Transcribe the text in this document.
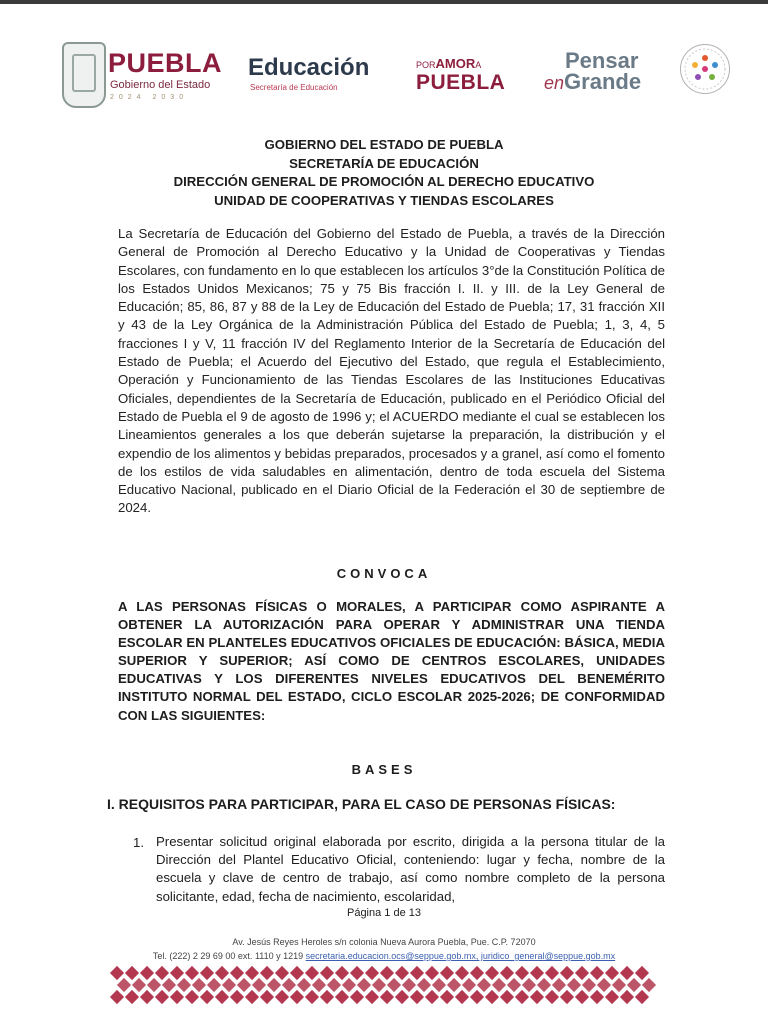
PUEBLA
Gobierno del Estado
2024 2030
Educación
Secretaría de Educación
PORAMORA
PUEBLA
Pensar
enGrande
GOBIERNO DEL ESTADO DE PUEBLA
SECRETARÍA DE EDUCACIÓN
DIRECCIÓN GENERAL DE PROMOCIÓN AL DERECHO EDUCATIVO
UNIDAD DE COOPERATIVAS Y TIENDAS ESCOLARES

La Secretaría de Educación del Gobierno del Estado de Puebla, a través de la Dirección General de Promoción al Derecho Educativo y la Unidad de Cooperativas y Tiendas Escolares, con fundamento en lo que establecen los artículos 3°de la Constitución Política de los Estados Unidos Mexicanos; 75 y 75 Bis fracción I. II. y III. de la Ley General de Educación; 85, 86, 87 y 88 de la Ley de Educación del Estado de Puebla; 17, 31 fracción XII y 43 de la Ley Orgánica de la Administración Pública del Estado de Puebla; 1, 3, 4, 5 fracciones I y V, 11 fracción IV del Reglamento Interior de la Secretaría de Educación del Estado de Puebla; el Acuerdo del Ejecutivo del Estado, que regula el Establecimiento, Operación y Funcionamiento de las Tiendas Escolares de las Instituciones Educativas Oficiales, dependientes de la Secretaría de Educación, publicado en el Periódico Oficial del Estado de Puebla el 9 de agosto de 1996 y; el ACUERDO mediante el cual se establecen los Lineamientos generales a los que deberán sujetarse la preparación, la distribución y el expendio de los alimentos y bebidas preparados, procesados y a granel, así como el fomento de los estilos de vida saludables en alimentación, dentro de toda escuela del Sistema Educativo Nacional, publicado en el Diario Oficial de la Federación el 30 de septiembre de 2024.

CONVOCA

A LAS PERSONAS FÍSICAS O MORALES, A PARTICIPAR COMO ASPIRANTE A OBTENER LA AUTORIZACIÓN PARA OPERAR Y ADMINISTRAR UNA TIENDA ESCOLAR EN PLANTELES EDUCATIVOS OFICIALES DE EDUCACIÓN: BÁSICA, MEDIA SUPERIOR Y SUPERIOR; ASÍ COMO DE CENTROS ESCOLARES, UNIDADES EDUCATIVAS Y LOS DIFERENTES NIVELES EDUCATIVOS DEL BENEMÉRITO INSTITUTO NORMAL DEL ESTADO, CICLO ESCOLAR 2025-2026; DE CONFORMIDAD CON LAS SIGUIENTES:

BASES
I. REQUISITOS PARA PARTICIPAR, PARA EL CASO DE PERSONAS FÍSICAS:
1. Presentar solicitud original elaborada por escrito, dirigida a la persona titular de la Dirección del Plantel Educativo Oficial, conteniendo: lugar y fecha, nombre de la escuela y clave de centro de trabajo, así como nombre completo de la persona solicitante, edad, fecha de nacimiento, escolaridad,

Página 1 de 13
Av. Jesús Reyes Heroles s/n colonia Nueva Aurora Puebla, Pue. C.P. 72070
Tel. (222) 2 29 69 00 ext. 1110 y 1219 secretaria.educacion.ocs@seppue.gob.mx, juridico_general@seppue.gob.mx
